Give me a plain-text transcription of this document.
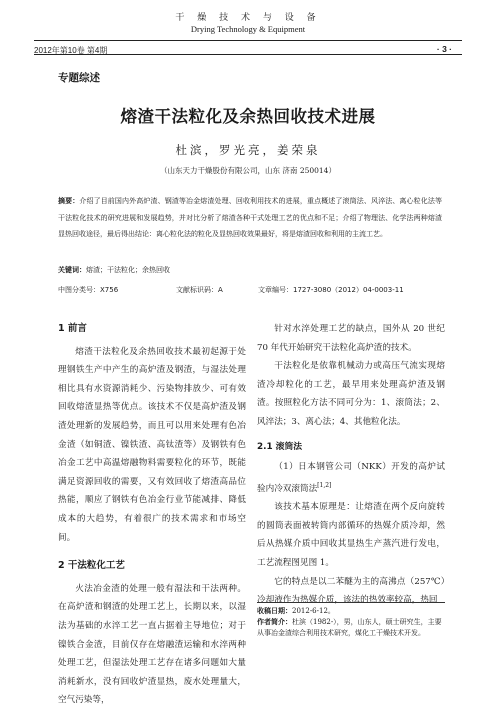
干 燥 技 术 与 设 备
Drying Technology & Equipment
2012年第10卷 第4期	· 3 ·
专题综述
熔渣干法粒化及余热回收技术进展
杜滨，罗光亮，姜荣泉
（山东天力干燥股份有限公司，山东 济南 250014）
摘要：介绍了目前国内外高炉渣、钢渣等冶金熔渣处理、回收利用技术的进展，重点概述了滚筒法、风淬法、离心粒化法等干法粒化技术的研究进展和发展趋势，并对比分析了熔渣各种干式处理工艺的优点和不足；介绍了物理法、化学法两种熔渣显热回收途径，最后得出结论：离心粒化法的粒化及显热回收效果最好，将是熔渣回收和利用的主流工艺。
关键词：熔渣；干法粒化；余热回收
中图分类号：X756	文献标识码：A	文章编号：1727-3080（2012）04-0003-11
1 前言

熔渣干法粒化及余热回收技术最初起源于处理钢铁生产中产生的高炉渣及钢渣，与湿法处理相比具有水资源消耗少、污染物排放少、可有效回收熔渣显热等优点。该技术不仅是高炉渣及钢渣处理新的发展趋势，而且可以用来处理有色冶金渣（如铜渣、镍铁渣、高钛渣等）及钢铁有色冶金工艺中高温熔融物料需要粒化的环节，既能满足资源回收的需要，又有效回收了熔渣高品位热能，顺应了钢铁有色冶金行业节能减排、降低成本的大趋势，有着很广的技术需求和市场空间。

2 干法粒化工艺

火法冶金渣的处理一般有湿法和干法两种。在高炉渣和钢渣的处理工艺上，长期以来，以湿法为基础的水淬工艺一直占据着主导地位；对于镍铁合金渣，目前仅存在熔融渣运输和水淬两种处理工艺，但湿法处理工艺存在诸多问题如大量消耗新水，没有回收炉渣显热，废水处理量大，空气污染等，

针对水淬处理工艺的缺点，国外从 20 世纪 70 年代开始研究干法粒化高炉渣的技术。

干法粒化是依靠机械动力或高压气流实现熔渣冷却粒化的工艺，最早用来处理高炉渣及钢渣。按照粒化方法不同可分为：1、滚筒法；2、风淬法；3、离心法；4、其他粒化法。

2.1 滚筒法

（1）日本钢管公司（NKK）开发的高炉试验内冷双滚筒法[1,2]

该技术基本原理是：让熔渣在两个反向旋转的圆筒表面被转筒内部循环的热媒介质冷却，然后从热媒介质中回收其显热生产蒸汽进行发电，工艺流程图见图 1。

它的特点是以二苯醚为主的高沸点（257℃）冷却液作为热媒介质，该法的热效率较高，热回

收稿日期：2012-6-12。
作者简介：杜滨（1982-），男，山东人，硕士研究生，主要从事冶金渣综合利用技术研究，煤化工干燥技术开发。
